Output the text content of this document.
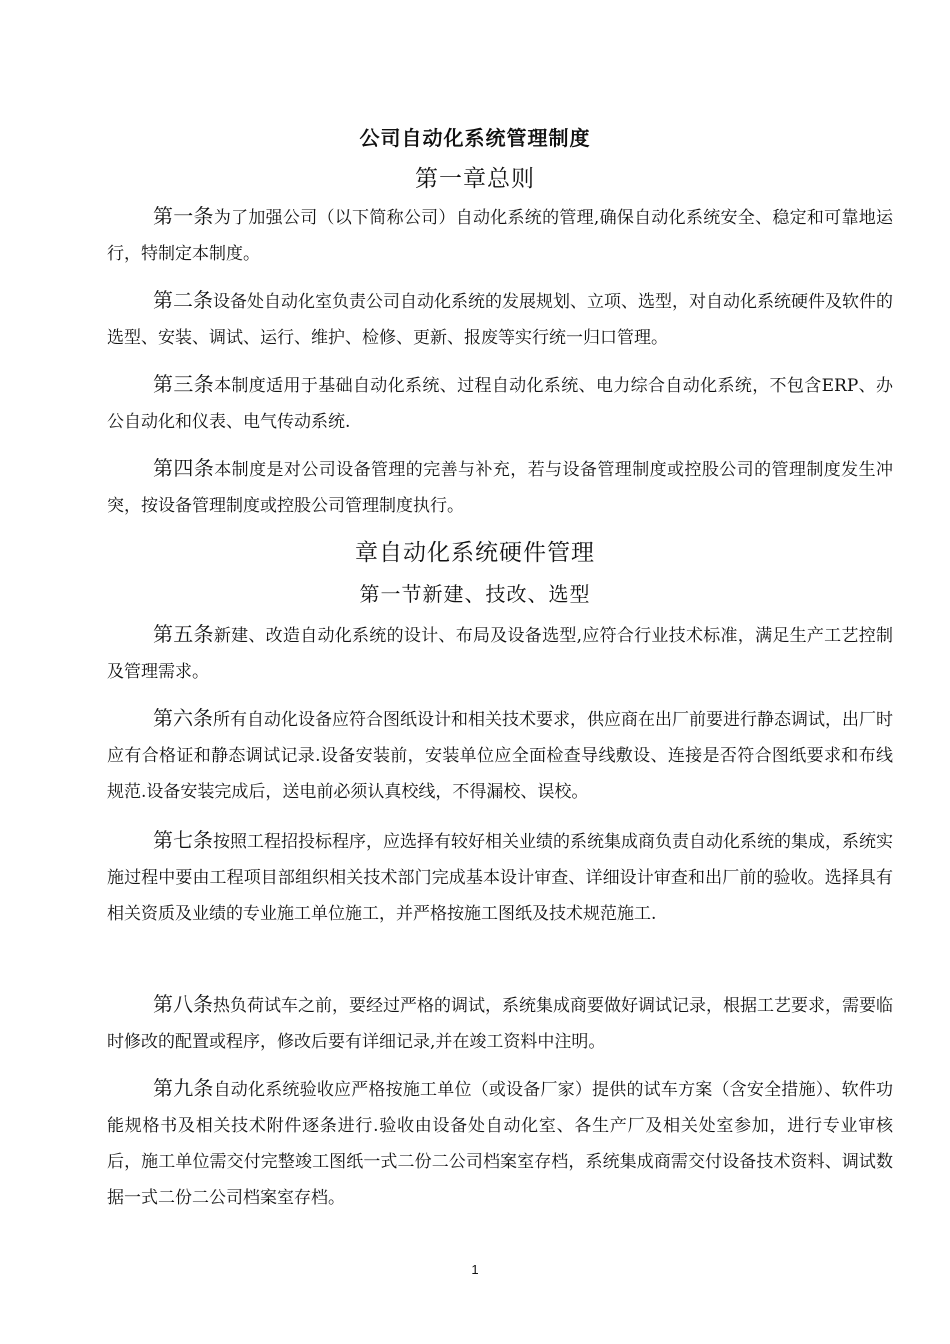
公司自动化系统管理制度
第一章总则
第一条为了加强公司（以下简称公司）自动化系统的管理,确保自动化系统安全、稳定和可靠地运行，特制定本制度。
第二条设备处自动化室负责公司自动化系统的发展规划、立项、选型，对自动化系统硬件及软件的选型、安装、调试、运行、维护、检修、更新、报废等实行统一归口管理。
第三条本制度适用于基础自动化系统、过程自动化系统、电力综合自动化系统，不包含ERP、办公自动化和仪表、电气传动系统.
第四条本制度是对公司设备管理的完善与补充，若与设备管理制度或控股公司的管理制度发生冲突，按设备管理制度或控股公司管理制度执行。
章自动化系统硬件管理
第一节新建、技改、选型
第五条新建、改造自动化系统的设计、布局及设备选型,应符合行业技术标准，满足生产工艺控制及管理需求。
第六条所有自动化设备应符合图纸设计和相关技术要求，供应商在出厂前要进行静态调试，出厂时应有合格证和静态调试记录.设备安装前，安装单位应全面检查导线敷设、连接是否符合图纸要求和布线规范.设备安装完成后，送电前必须认真校线，不得漏校、误校。
第七条按照工程招投标程序，应选择有较好相关业绩的系统集成商负责自动化系统的集成，系统实施过程中要由工程项目部组织相关技术部门完成基本设计审查、详细设计审查和出厂前的验收。选择具有相关资质及业绩的专业施工单位施工，并严格按施工图纸及技术规范施工.
第八条热负荷试车之前，要经过严格的调试，系统集成商要做好调试记录，根据工艺要求，需要临时修改的配置或程序，修改后要有详细记录,并在竣工资料中注明。
第九条自动化系统验收应严格按施工单位（或设备厂家）提供的试车方案（含安全措施）、软件功能规格书及相关技术附件逐条进行.验收由设备处自动化室、各生产厂及相关处室参加，进行专业审核后，施工单位需交付完整竣工图纸一式二份二公司档案室存档，系统集成商需交付设备技术资料、调试数据一式二份二公司档案室存档。
1
